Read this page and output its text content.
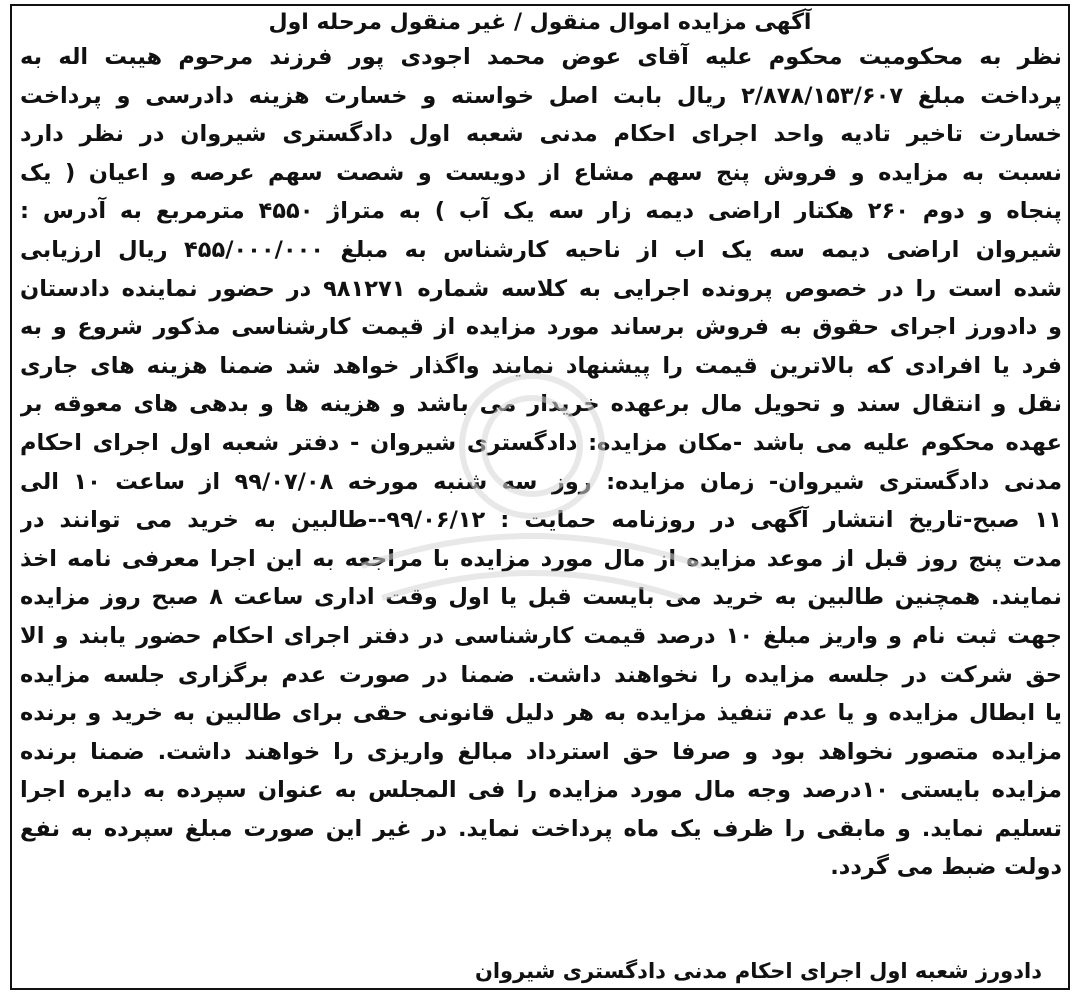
آگهی مزایده اموال منقول / غیر منقول مرحله اول
نظر به محکومیت محکوم علیه آقای عوض محمد اجودی پور فرزند مرحوم هیبت اله به
پرداخت مبلغ ۲/۸۷۸/۱۵۳/۶۰۷ ریال بابت اصل خواسته و خسارت هزینه دادرسی و پرداخت
خسارت تاخیر تادیه واحد اجرای احکام مدنی شعبه اول دادگستری شیروان در نظر دارد
نسبت به مزایده و فروش پنج سهم مشاع از دویست و شصت سهم عرصه و اعیان ( یک
پنجاه و دوم ۲۶۰ هکتار اراضی دیمه زار سه یک آب ) به متراژ ۴۵۵۰ مترمربع به آدرس :
شیروان اراضی دیمه سه یک اب از ناحیه کارشناس به مبلغ ۴۵۵/۰۰۰/۰۰۰ ریال ارزیابی
شده است را در خصوص پرونده اجرایی به کلاسه شماره ۹۸۱۲۷۱ در حضور نماینده دادستان
و دادورز اجرای حقوق به فروش برساند مورد مزایده از قیمت کارشناسی مذکور شروع و به
فرد یا افرادی که بالاترین قیمت را پیشنهاد نمایند واگذار خواهد شد ضمنا هزینه های جاری
نقل و انتقال سند و تحویل مال برعهده خریدار می باشد و هزینه ها و بدهی های معوقه بر
عهده محکوم علیه می باشد -مکان مزایده: دادگستری شیروان - دفتر شعبه اول اجرای احکام
مدنی دادگستری شیروان- زمان مزایده: روز سه شنبه مورخه ۹۹/۰۷/۰۸ از ساعت ۱۰ الی
۱۱ صبح-تاریخ انتشار آگهی در روزنامه حمایت : ۹۹/۰۶/۱۲--طالبین به خرید می توانند در
مدت پنج روز قبل از موعد مزایده از مال مورد مزایده با مراجعه به این اجرا معرفی نامه اخذ
نمایند. همچنین طالبین به خرید می بایست قبل یا اول وقت اداری ساعت ۸ صبح روز مزایده
جهت ثبت نام و واریز مبلغ ۱۰ درصد قیمت کارشناسی در دفتر اجرای احکام حضور یابند و الا
حق شرکت در جلسه مزایده را نخواهند داشت. ضمنا در صورت عدم برگزاری جلسه مزایده
یا ابطال مزایده و یا عدم تنفیذ مزایده به هر دلیل قانونی حقی برای طالبین به خرید و برنده
مزایده متصور نخواهد بود و صرفا حق استرداد مبالغ واریزی را خواهند داشت. ضمنا برنده
مزایده بایستی ۱۰درصد وجه مال مورد مزایده را فی المجلس به عنوان سپرده به دایره اجرا
تسلیم نماید. و مابقی را ظرف یک ماه پرداخت نماید. در غیر این صورت مبلغ سپرده به نفع
دولت ضبط می گردد.
دادورز شعبه اول اجرای احکام مدنی دادگستری شیروان
